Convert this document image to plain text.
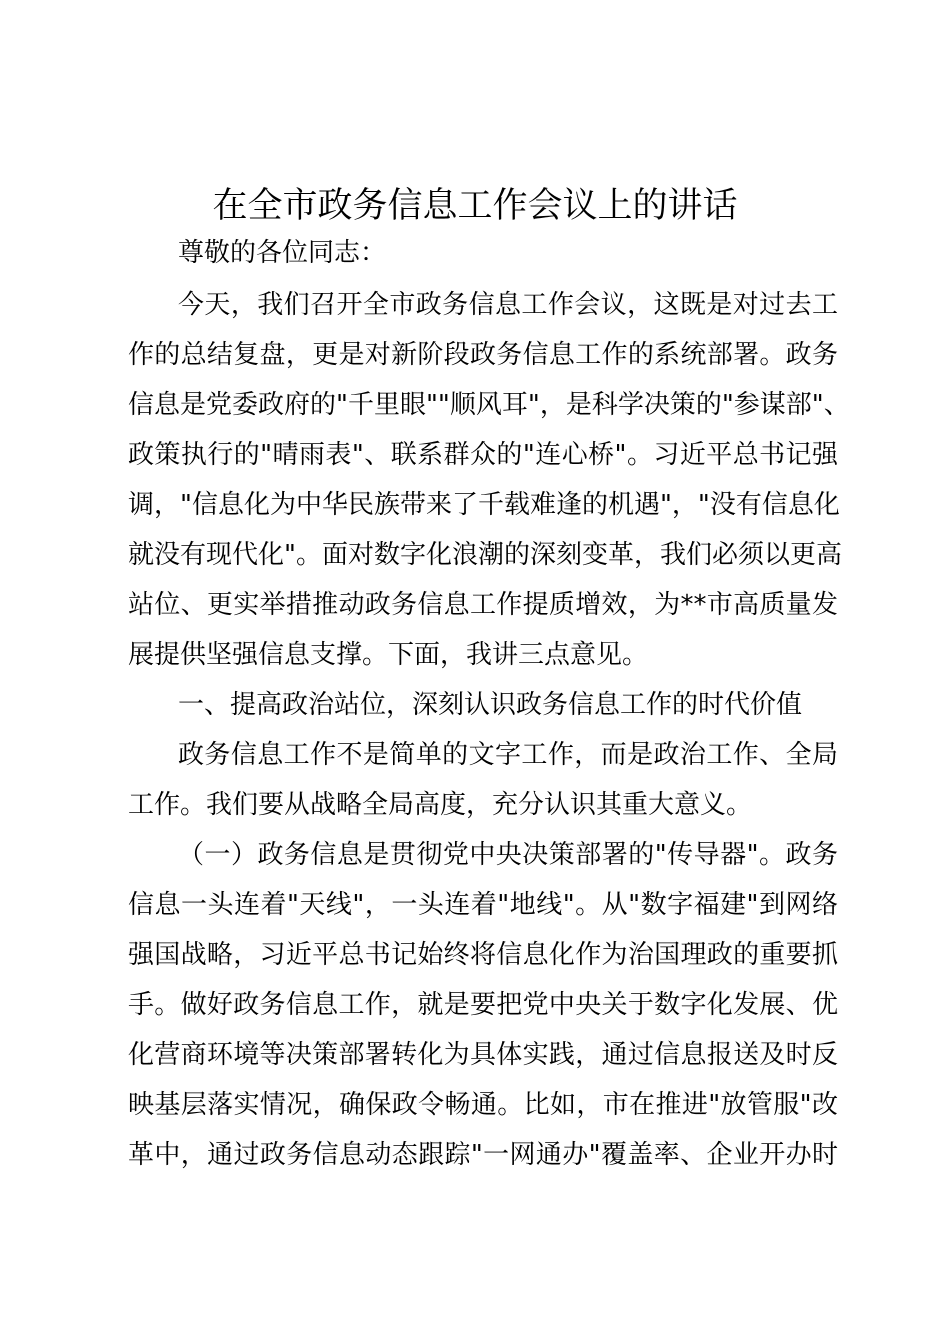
在全市政务信息工作会议上的讲话
尊敬的各位同志：
今天，我们召开全市政务信息工作会议，这既是对过去工
作的总结复盘，更是对新阶段政务信息工作的系统部署。政务
信息是党委政府的"千里眼""顺风耳"，是科学决策的"参谋部"、
政策执行的"晴雨表"、联系群众的"连心桥"。习近平总书记强
调，"信息化为中华民族带来了千载难逢的机遇"，"没有信息化
就没有现代化"。面对数字化浪潮的深刻变革，我们必须以更高
站位、更实举措推动政务信息工作提质增效，为**市高质量发
展提供坚强信息支撑。下面，我讲三点意见。
一、提高政治站位，深刻认识政务信息工作的时代价值
政务信息工作不是简单的文字工作，而是政治工作、全局
工作。我们要从战略全局高度，充分认识其重大意义。
（一）政务信息是贯彻党中央决策部署的"传导器"。政务
信息一头连着"天线"，一头连着"地线"。从"数字福建"到网络
强国战略，习近平总书记始终将信息化作为治国理政的重要抓
手。做好政务信息工作，就是要把党中央关于数字化发展、优
化营商环境等决策部署转化为具体实践，通过信息报送及时反
映基层落实情况，确保政令畅通。比如，市在推进"放管服"改
革中，通过政务信息动态跟踪"一网通办"覆盖率、企业开办时
